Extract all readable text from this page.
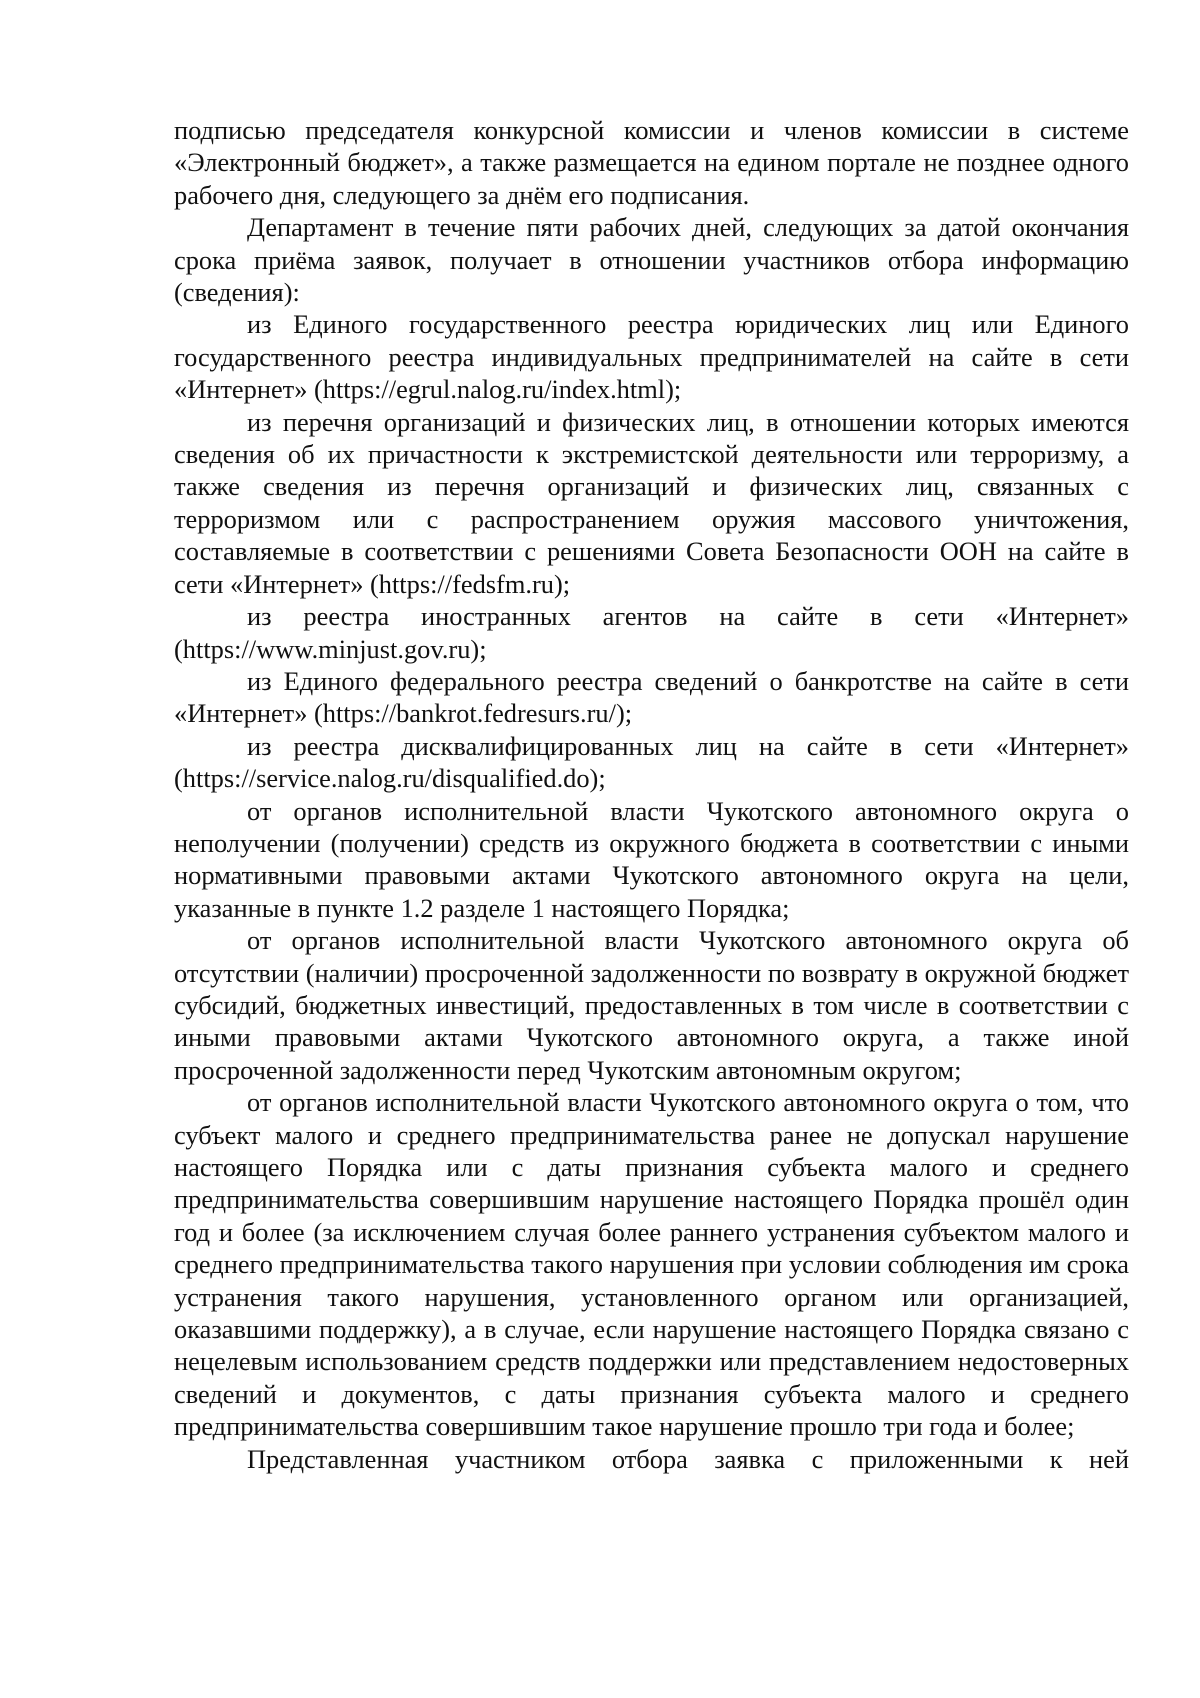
подписью председателя конкурсной комиссии и членов комиссии в системе «Электронный бюджет», а также размещается на едином портале не позднее одного рабочего дня, следующего за днём его подписания.

Департамент в течение пяти рабочих дней, следующих за датой окончания срока приёма заявок, получает в отношении участников отбора информацию (сведения):

из Единого государственного реестра юридических лиц или Единого государственного реестра индивидуальных предпринимателей на сайте в сети «Интернет» (https://egrul.nalog.ru/index.html);

из перечня организаций и физических лиц, в отношении которых имеются сведения об их причастности к экстремистской деятельности или терроризму, а также сведения из перечня организаций и физических лиц, связанных с терроризмом или с распространением оружия массового уничтожения, составляемые в соответствии с решениями Совета Безопасности ООН на сайте в сети «Интернет» (https://fedsfm.ru);

из реестра иностранных агентов на сайте в сети «Интернет» (https://www.minjust.gov.ru);

из Единого федерального реестра сведений о банкротстве на сайте в сети «Интернет» (https://bankrot.fedresurs.ru/);

из реестра дисквалифицированных лиц на сайте в сети «Интернет» (https://service.nalog.ru/disqualified.do);

от органов исполнительной власти Чукотского автономного округа о неполучении (получении) средств из окружного бюджета в соответствии с иными нормативными правовыми актами Чукотского автономного округа на цели, указанные в пункте 1.2 разделе 1 настоящего Порядка;

от органов исполнительной власти Чукотского автономного округа об отсутствии (наличии) просроченной задолженности по возврату в окружной бюджет субсидий, бюджетных инвестиций, предоставленных в том числе в соответствии с иными правовыми актами Чукотского автономного округа, а также иной просроченной задолженности перед Чукотским автономным округом;

от органов исполнительной власти Чукотского автономного округа о том, что субъект малого и среднего предпринимательства ранее не допускал нарушение настоящего Порядка или с даты признания субъекта малого и среднего предпринимательства совершившим нарушение настоящего Порядка прошёл один год и более (за исключением случая более раннего устранения субъектом малого и среднего предпринимательства такого нарушения при условии соблюдения им срока устранения такого нарушения, установленного органом или организацией, оказавшими поддержку), а в случае, если нарушение настоящего Порядка связано с нецелевым использованием средств поддержки или представлением недостоверных сведений и документов, с даты признания субъекта малого и среднего предпринимательства совершившим такое нарушение прошло три года и более;

Представленная участником отбора заявка с приложенными к ней
